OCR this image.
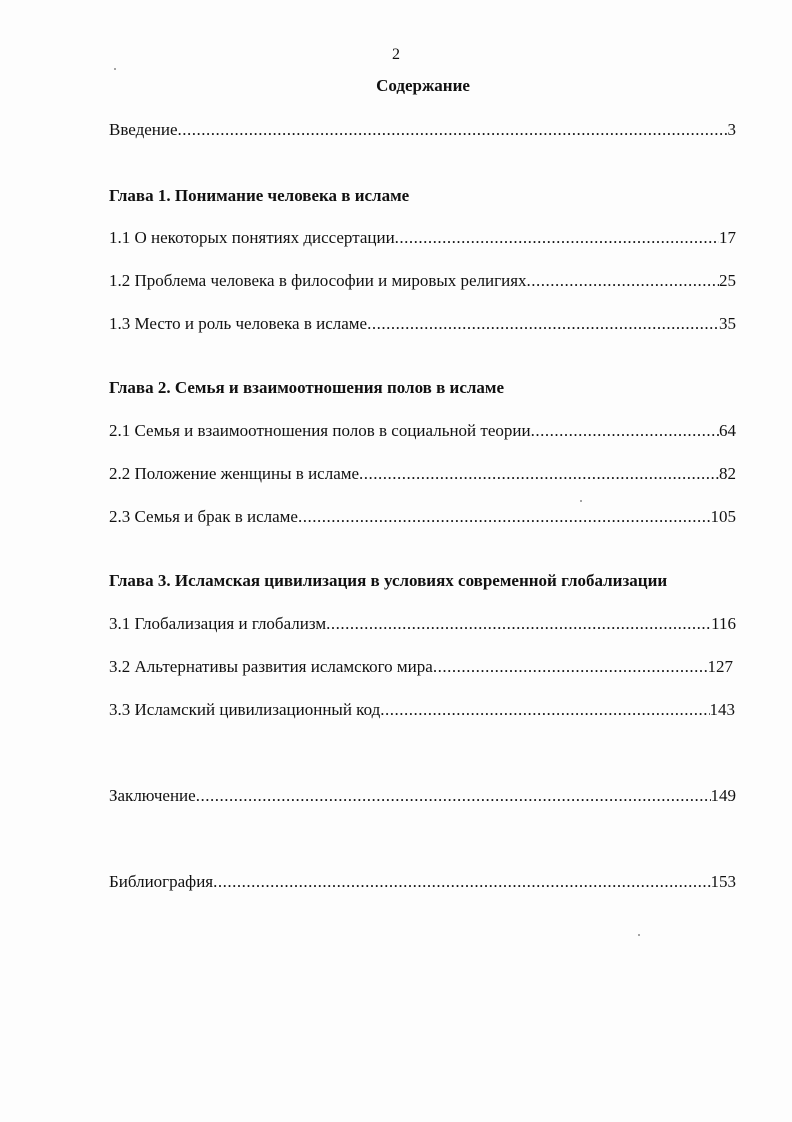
2
Содержание
Введение .....	3
Глава 1. Понимание человека в исламе
1.1 О некоторых понятиях диссертации .....	17
1.2 Проблема человека в философии и мировых религиях .....	25
1.3 Место и роль человека в исламе .....	35
Глава 2. Семья и взаимоотношения полов в исламе
2.1 Семья и взаимоотношения полов в социальной теории .....	64
2.2 Положение женщины в исламе .....	82
2.3 Семья и брак в исламе .....	105
Глава 3. Исламская цивилизация в условиях современной глобализации
3.1 Глобализация и глобализм .....	116
3.2 Альтернативы развития исламского мира .....	127
3.3 Исламский цивилизационный код .....	143
Заключение .....	149
Библиография .....	153
